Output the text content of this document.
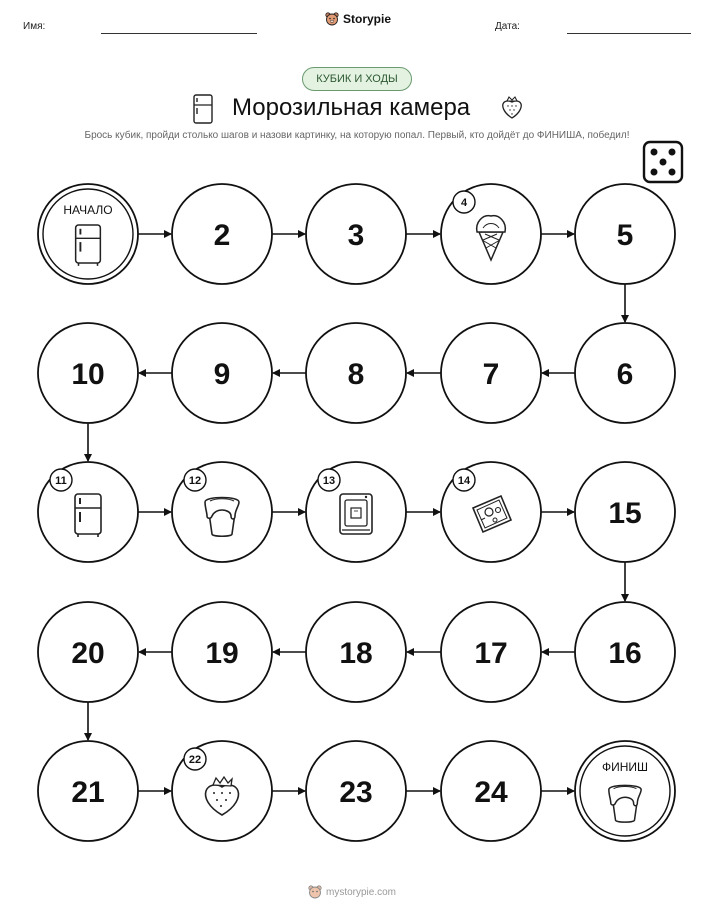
Имя:
Storypie
Дата:
КУБИК И ХОДЫ
Морозильная камера
Брось кубик, пройди столько шагов и назови картинку, на которую попал. Первый, кто дойдёт до ФИНИША, победил!
НАЧАЛО
2	3
4
5
6
7
8
9
10
11	12	13	14
15
16
17
18
19
20
21
22
23	24
ФИНИШ
mystorypie.com
